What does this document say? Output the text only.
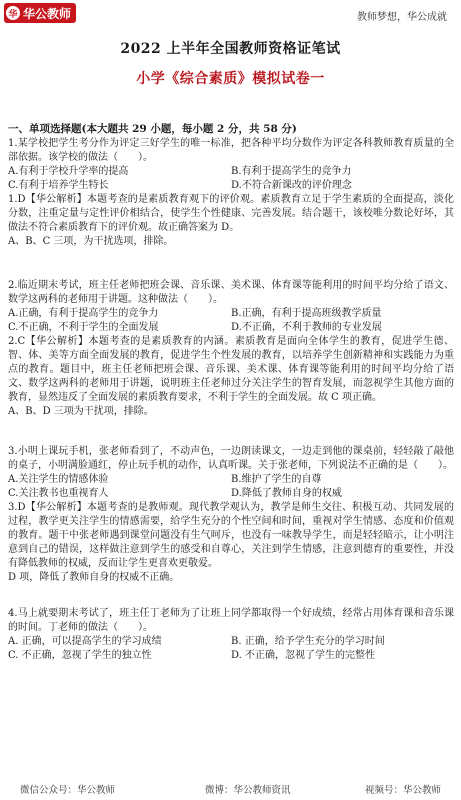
华 华公教师	教师梦想，华公成就
2022 上半年全国教师资格证笔试
小学《综合素质》模拟试卷一
一、单项选择题(本大题共 29 小题，每小题 2 分，共 58 分)

1.某学校把学生考分作为评定三好学生的唯一标准，把各种平均分数作为评定各科教师教育质量的全部依据。该学校的做法（　　）。

A.有利于学校升学率的提高	B.有利于提高学生的竞争力
C.有利于培养学生特长	D.不符合新课改的评价理念

1.D【华公解析】本题考查的是素质教育观下的评价观。素质教育立足于学生素质的全面提高，淡化分数，注重定量与定性评价相结合，使学生个性健康、完善发展。结合题干，该校唯分数论好坏，其做法不符合素质教育下的评价观。故正确答案为 D。

A、B、C 三项，为干扰选项，排除。

2.临近期末考试，班主任老师把班会课、音乐课、美术课、体育课等能利用的时间平均分给了语文、数学这两科的老师用于讲题。这种做法（　　）。

A.正确，有利于提高学生的竞争力	B.正确，有利于提高班级教学质量
C.不正确，不利于学生的全面发展	D.不正确，不利于教师的专业发展

2.C【华公解析】本题考查的是素质教育的内涵。素质教育是面向全体学生的教育，促进学生德、智、体、美等方面全面发展的教育，促进学生个性发展的教育，以培养学生创新精神和实践能力为重点的教育。题目中，班主任老师把班会课、音乐课、美术课、体育课等能利用的时间平均分给了语文、数学这两科的老师用于讲题，说明班主任老师过分关注学生的智育发展，而忽视学生其他方面的教育，显然违反了全面发展的素质教育要求，不利于学生的全面发展。故 C 项正确。

A、B、D 三项为干扰项，排除。

3.小明上课玩手机，张老师看到了，不动声色，一边朗读课文，一边走到他的课桌前，轻轻敲了敲他的桌子，小明满脸通红，停止玩手机的动作，认真听课。关于张老师，下列说法不正确的是（　　）。

A.关注学生的情感体验	B.维护了学生的自尊
C.关注教书也重视育人	D.降低了教师自身的权威

3.D【华公解析】本题考查的是教师观。现代教学观认为，教学是师生交往、积极互动、共同发展的过程，教学更关注学生的情感需要，给学生充分的个性空间和时间，重视对学生情感、态度和价值观的教育。题干中张老师遇到课堂问题没有生气呵斥，也没有一味教导学生，而是轻轻暗示，让小明注意到自己的错误，这样做注意到学生的感受和自尊心，关注到学生情感，注意到德育的重要性，并没有降低教师的权威，反而让学生更喜欢更敬爱。

D 项，降低了教师自身的权威不正确。

4.马上就要期末考试了，班主任丁老师为了让班上同学都取得一个好成绩，经常占用体育课和音乐课的时间。丁老师的做法（　　）。

A. 正确，可以提高学生的学习成绩	B. 正确，给予学生充分的学习时间
C. 不正确，忽视了学生的独立性	D. 不正确，忽视了学生的完整性
微信公众号：华公教师	微博：华公教师资讯	视频号：华公教师
